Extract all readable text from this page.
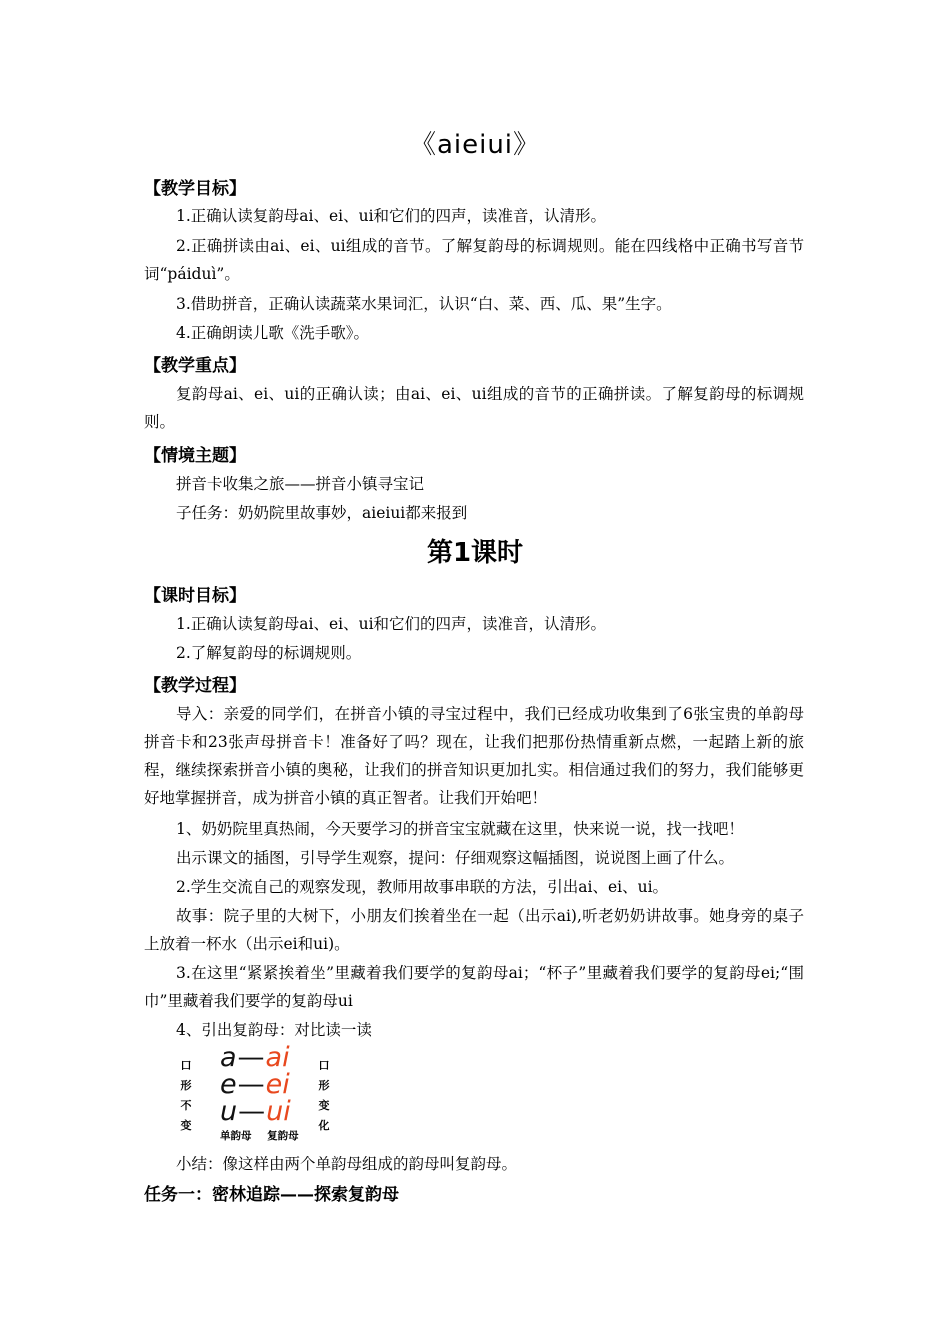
《aieiui》
【教学目标】
1.正确认读复韵母ai、ei、ui和它们的四声，读准音，认清形。
2.正确拼读由ai、ei、ui组成的音节。了解复韵母的标调规则。能在四线格中正确书写音节词“páiduì”。
3.借助拼音，正确认读蔬菜水果词汇，认识“白、菜、西、瓜、果”生字。
4.正确朗读儿歌《洗手歌》。
【教学重点】
复韵母ai、ei、ui的正确认读；由ai、ei、ui组成的音节的正确拼读。了解复韵母的标调规则。
【情境主题】
拼音卡收集之旅——拼音小镇寻宝记
子任务：奶奶院里故事妙，aieiui都来报到
第1课时
【课时目标】
1.正确认读复韵母ai、ei、ui和它们的四声，读准音，认清形。
2.了解复韵母的标调规则。
【教学过程】
导入：亲爱的同学们，在拼音小镇的寻宝过程中，我们已经成功收集到了6张宝贵的单韵母拼音卡和23张声母拼音卡！准备好了吗？现在，让我们把那份热情重新点燃，一起踏上新的旅程，继续探索拼音小镇的奥秘，让我们的拼音知识更加扎实。相信通过我们的努力，我们能够更好地掌握拼音，成为拼音小镇的真正智者。让我们开始吧！
1、奶奶院里真热闹，今天要学习的拼音宝宝就藏在这里，快来说一说，找一找吧！
出示课文的插图，引导学生观察，提问：仔细观察这幅插图，说说图上画了什么。
2.学生交流自己的观察发现，教师用故事串联的方法，引出ai、ei、ui。
故事：院子里的大树下，小朋友们挨着坐在一起（出示ai),听老奶奶讲故事。她身旁的桌子上放着一杯水（出示ei和ui)。
3.在这里“紧紧挨着坐”里藏着我们要学的复韵母ai；“杯子”里藏着我们要学的复韵母ei;“围巾”里藏着我们要学的复韵母ui
4、引出复韵母：对比读一读
口
形
不
变
a—ai
e—ei
u—ui
单韵母 复韵母
口
形
变
化
小结：像这样由两个单韵母组成的韵母叫复韵母。
任务一：密林追踪——探索复韵母
